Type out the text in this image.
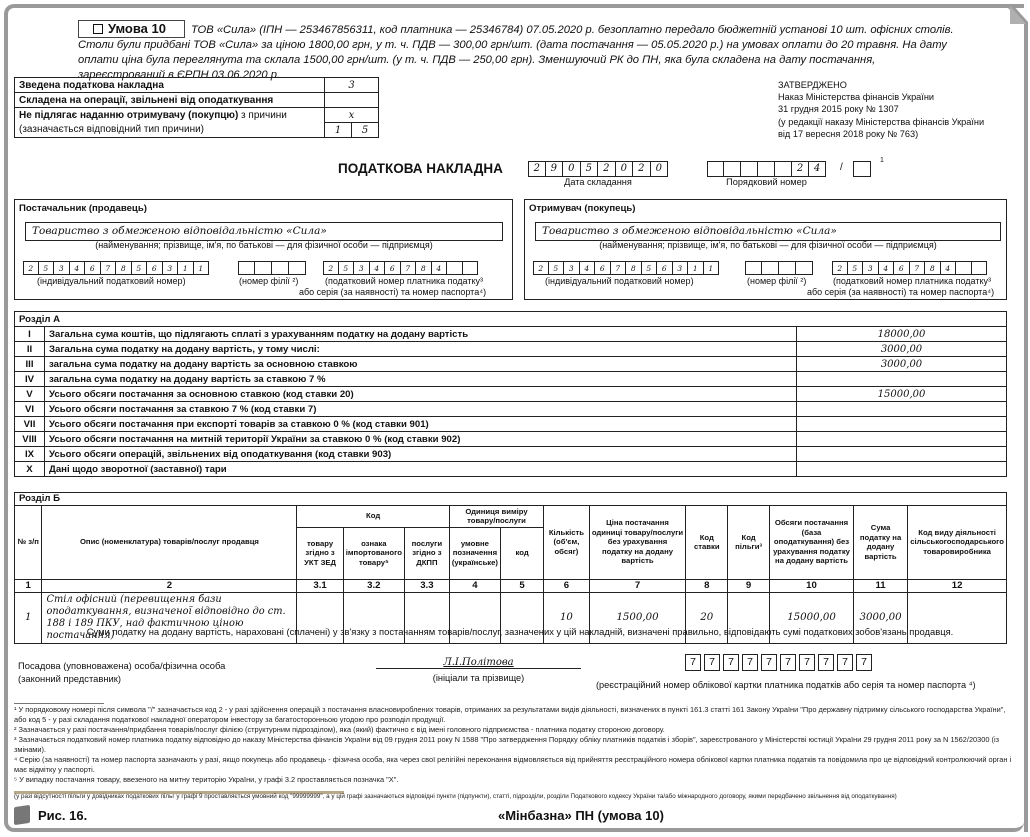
Умова 10 ТОВ «Сила» (ІПН — 253467856311, код платника — 25346784) 07.05.2020 р. безоплатно передало бюджетній установі 10 шт. офісних столів. Столи були придбані ТОВ «Сила» за ціною 1800,00 грн, у т. ч. ПДВ — 300,00 грн/шт. (дата постачання — 05.05.2020 р.) на умовах оплати до 20 травня. На дату оплати ціна була переглянута та склала 1500,00 грн/шт. (у т. ч. ПДВ — 250,00 грн). Зменшуючий РК до ПН, яка була складена на дату постачання, зареєстрований в ЄРПН 03.06.2020 р.
Зведена податкова накладна	3	
Складена на операції, звільнені від оподаткування		
Не підлягає наданню отримувачу (покупцю) з причини	x	
(зазначається відповідний тип причини)	1	5
ЗАТВЕРДЖЕНО
Наказ Міністерства фінансів України
31 грудня 2015 року № 1307
(у редакції наказу Міністерства фінансів України
від 17 вересня 2018 року № 763)
ПОДАТКОВА НАКЛАДНА	2	9	0	5	2	0	2	0
Дата складання
2	4
Порядковий номер
/
1
Постачальник (продавець)
Товариство з обмеженою відповідальністю «Сила»
(найменування; прізвище, ім'я, по батькові — для фізичної особи — підприємця)
2	5	3	4	6	7	8	5	6	3	1	1
(індивідуальний податковий номер)	(номер філії ²)
2	5	3	4	6	7	8	4
(податковий номер платника податку³
або серія (за наявності) та номер паспорта⁴)
Отримувач (покупець)
Товариство з обмеженою відповідальністю «Сила»
(найменування; прізвище, ім'я, по батькові — для фізичної особи — підприємця)
2	5	3	4	6	7	8	5	6	3	1	1
(індивідуальний податковий номер)	(номер філії ²)
2	5	3	4	6	7	8	4
(податковий номер платника податку³
або серія (за наявності) та номер паспорта⁴)
Розділ А		
I	Загальна сума коштів, що підлягають сплаті з урахуванням податку на додану вартість	18000,00
II	Загальна сума податку на додану вартість, у тому числі:	3000,00
III	загальна сума податку на додану вартість за основною ставкою	3000,00
IV	загальна сума податку на додану вартість за ставкою 7 %	
V	Усього обсяги постачання за основною ставкою (код ставки 20)	15000,00
VI	Усього обсяги постачання за ставкою 7 % (код ставки 7)	
VII	Усього обсяги постачання при експорті товарів за ставкою 0 % (код ставки 901)	
VIII	Усього обсяги постачання на митній території України за ставкою 0 % (код ставки 902)	
IX	Усього обсяги операцій, звільнених від оподаткування (код ставки 903)	
X	Дані щодо зворотної (заставної) тари	
Розділ Б													
№ з/п	Опис (номенклатура) товарів/послуг продавця	Код			Одиниця виміру товару/послуги		Кількість (об'єм, обсяг)	Ціна постачання одиниці товару/послуги без урахування податку на додану вартість	Код ставки	Код пільги³	Обсяги постачання (база оподаткування) без урахування податку на додану вартість	Сума податку на додану вартість	Код виду діяльності сільськогосподарського товаровиробника
		товару згідно з УКТ ЗЕД	ознака імпортованого товару⁵	послуги згідно з ДКПП	умовне позначення (українське)	код							
1	2	3.1	3.2	3.3	4	5	6	7	8	9	10	11	12
1	Стіл офісний (перевищення бази оподаткування, визначеної відповідно до ст. 188 і 189 ПКУ, над фактичною ціною постачання)						10	1500,00	20		15000,00	3000,00	
Суми податку на додану вартість, нараховані (сплачені) у зв'язку з постачанням товарів/послуг, зазначених у цій накладній, визначені правильно, відповідають сумі податкових зобов'язань продавця.
Посадова (уповноважена) особа/фізична особа
(законний представник)
Л.І.Політова
(ініціали та прізвище)
7	7	7	7	7	7	7	7	7	7
(реєстраційний номер облікової картки платника податків або серія та номер паспорта ⁴)
¹ У порядковому номері після символа "/" зазначається код 2 - у разі здійснення операцій з постачання власновироблених товарів, отриманих за результатами видів діяльності, визначених в пункті 161.3 статті 161 Закону України "Про державну підтримку сільського господарства України", або код 5 - у разі складання податкової накладної оператором інвестору за багатосторонньою угодою про розподіл продукції.
² Зазначається у разі постачання/придбання товарів/послуг філією (структурним підрозділом), яка (який) фактично є від імені головного підприємства - платника податку стороною договору.
³ Зазначається податковий номер платника податку відповідно до наказу Міністерства фінансів України від 09 грудня 2011 року N 1588 "Про затвердження Порядку обліку платників податків і зборів", зареєстрованого у Міністерстві юстиції України 29 грудня 2011 року за N 1562/20300 (із змінами).
⁴ Серію (за наявності) та номер паспорта зазначають у разі, якщо покупець або продавець - фізична особа, яка через свої релігійні переконання відмовляється від прийняття реєстраційного номера облікової картки платника податків та повідомила про це відповідний контролюючий орган і має відмітку у паспорті.
⁵ У випадку постачання товару, ввезеного на митну територію України, у графі 3.2 проставляється позначка "Х".
(у разі відсутності пільги у довідниках податкових пільг у графі 9 проставляється умовний код "99999999", а у цій графі зазначаються відповідні пункти (підпункти), статті, підрозділи, розділи Податкового кодексу України та/або міжнародного договору, якими передбачено звільнення від оподаткування)
Рис. 16.	«Мінбазна» ПН (умова 10)
